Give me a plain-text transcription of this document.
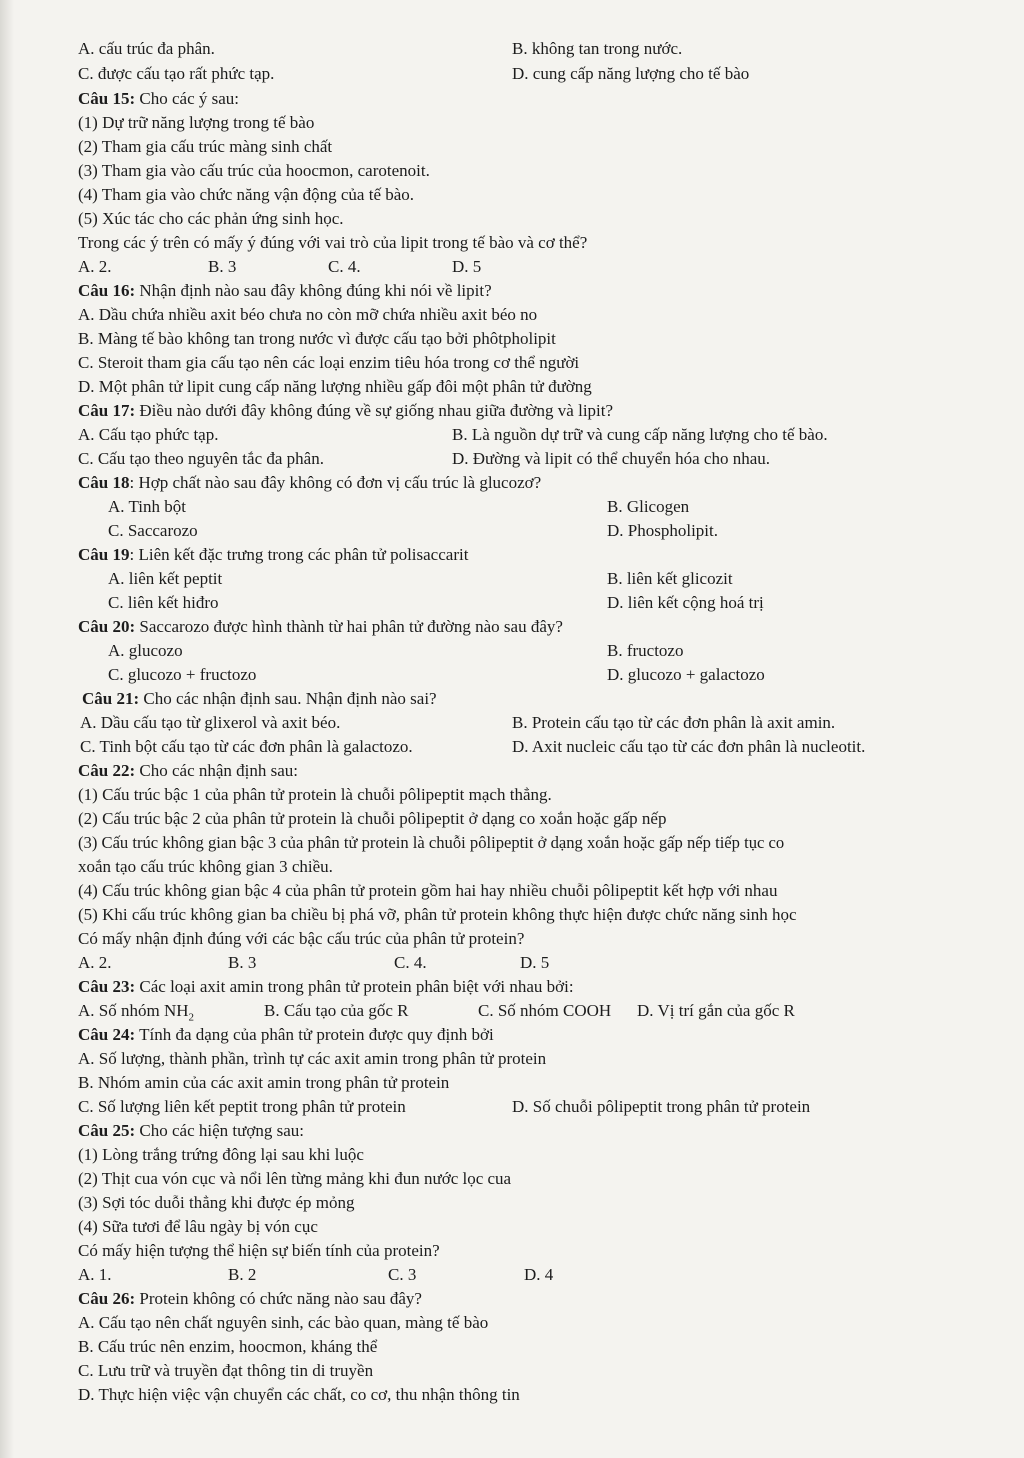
A. cấu trúc đa phân.	B. không tan trong nước.
C. được cấu tạo rất phức tạp.	D. cung cấp năng lượng cho tế bào
Câu 15: Cho các ý sau:
(1) Dự trữ năng lượng trong tế bào
(2) Tham gia cấu trúc màng sinh chất
(3) Tham gia vào cấu trúc của hoocmon, carotenoit.
(4) Tham gia vào chức năng vận động của tế bào.
(5) Xúc tác cho các phản ứng sinh học.
Trong các ý trên có mấy ý đúng với vai trò của lipit trong tế bào và cơ thể?
A. 2.	B. 3	C. 4.	D. 5
Câu 16: Nhận định nào sau đây không đúng khi nói về lipit?
A. Dầu chứa nhiều axit béo chưa no còn mỡ chứa nhiều axit béo no
B. Màng tế bào không tan trong nước vì được cấu tạo bởi phôtpholipit
C. Steroit tham gia cấu tạo nên các loại enzim tiêu hóa trong cơ thể người
D. Một phân tử lipit cung cấp năng lượng nhiều gấp đôi một phân tử đường
Câu 17: Điều nào dưới đây không đúng về sự giống nhau giữa đường và lipit?
A. Cấu tạo phức tạp.	B. Là nguồn dự trữ và cung cấp năng lượng cho tế bào.
C. Cấu tạo theo nguyên tắc đa phân.	D. Đường và lipit có thể chuyển hóa cho nhau.
Câu 18: Hợp chất nào sau đây không có đơn vị cấu trúc là glucozơ?
A. Tinh bột	B. Glicogen
C. Saccarozo	D. Phospholipit.
Câu 19: Liên kết đặc trưng trong các phân tử polisaccarit
A. liên kết peptit	B. liên kết glicozit
C. liên kết hiđro	D. liên kết cộng hoá trị
Câu 20: Saccarozo được hình thành từ hai phân tử đường nào sau đây?
A. glucozo	B. fructozo
C. glucozo + fructozo	D. glucozo + galactozo
Câu 21: Cho các nhận định sau. Nhận định nào sai?
A. Dầu cấu tạo từ glixerol và axit béo.	B. Protein cấu tạo từ các đơn phân là axit amin.
C. Tinh bột cấu tạo từ các đơn phân là galactozo.	D. Axit nucleic cấu tạo từ các đơn phân là nucleotit.
Câu 22: Cho các nhận định sau:
(1) Cấu trúc bậc 1 của phân tử protein là chuỗi pôlipeptit mạch thẳng.
(2) Cấu trúc bậc 2 của phân tử protein là chuỗi pôlipeptit ở dạng co xoắn hoặc gấp nếp
(3) Cấu trúc không gian bậc 3 của phân tử protein là chuỗi pôlipeptit ở dạng xoắn hoặc gấp nếp tiếp tục co
xoắn tạo cấu trúc không gian 3 chiều.
(4) Cấu trúc không gian bậc 4 của phân tử protein gồm hai hay nhiều chuỗi pôlipeptit kết hợp với nhau
(5) Khi cấu trúc không gian ba chiều bị phá vỡ, phân tử protein không thực hiện được chức năng sinh học
Có mấy nhận định đúng với các bậc cấu trúc của phân tử protein?
A. 2.	B. 3	C. 4.	D. 5
Câu 23: Các loại axit amin trong phân tử protein phân biệt với nhau bởi:
A. Số nhóm $NH_2$	B. Cấu tạo của gốc R	C. Số nhóm COOH D. Vị trí gắn của gốc R
Câu 24: Tính đa dạng của phân tử protein được quy định bởi
A. Số lượng, thành phần, trình tự các axit amin trong phân tử protein
B. Nhóm amin của các axit amin trong phân tử protein
C. Số lượng liên kết peptit trong phân tử protein	D. Số chuỗi pôlipeptit trong phân tử protein
Câu 25: Cho các hiện tượng sau:
(1) Lòng trắng trứng đông lại sau khi luộc
(2) Thịt cua vón cục và nổi lên từng mảng khi đun nước lọc cua
(3) Sợi tóc duỗi thẳng khi được ép mỏng
(4) Sữa tươi để lâu ngày bị vón cục
Có mấy hiện tượng thể hiện sự biến tính của protein?
A. 1.	B. 2	C. 3	D. 4
Câu 26: Protein không có chức năng nào sau đây?
A. Cấu tạo nên chất nguyên sinh, các bào quan, màng tế bào
B. Cấu trúc nên enzim, hoocmon, kháng thể
C. Lưu trữ và truyền đạt thông tin di truyền
D. Thực hiện việc vận chuyển các chất, co cơ, thu nhận thông tin
